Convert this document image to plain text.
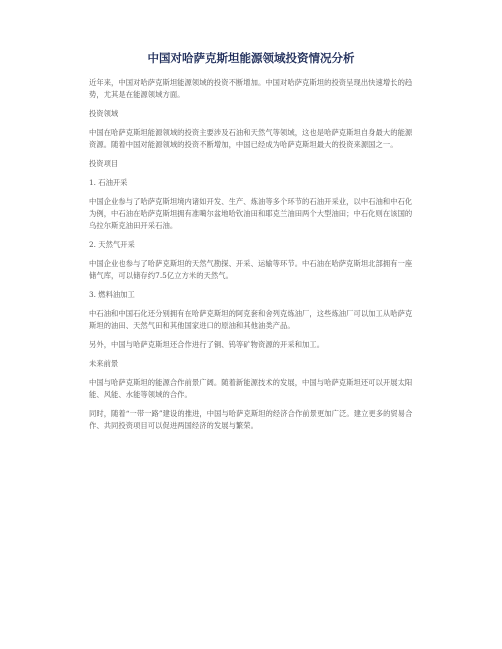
中国对哈萨克斯坦能源领域投资情况分析

近年来，中国对哈萨克斯坦能源领域的投资不断增加。中国对哈萨克斯坦的投资呈现出快速增长的趋势，尤其是在能源领域方面。

投资领域

中国在哈萨克斯坦能源领域的投资主要涉及石油和天然气等领域，这也是哈萨克斯坦自身最大的能源资源。随着中国对能源领域的投资不断增加，中国已经成为哈萨克斯坦最大的投资来源国之一。

投资项目

1. 石油开采

中国企业参与了哈萨克斯坦境内诸如开发、生产、炼油等多个环节的石油开采业，以中石油和中石化为例，中石油在哈萨克斯坦拥有准噶尔盆地哈钦油田和耶克兰油田两个大型油田；中石化则在该国的乌拉尔斯克油田开采石油。

2. 天然气开采

中国企业也参与了哈萨克斯坦的天然气勘探、开采、运输等环节。中石油在哈萨克斯坦北部拥有一座储气库，可以储存约7.5亿立方米的天然气。

3. 燃料油加工

中石油和中国石化还分别拥有在哈萨克斯坦的阿克套和舍列克炼油厂，这些炼油厂可以加工从哈萨克斯坦的油田、天然气田和其他国家进口的原油和其他油类产品。

另外，中国与哈萨克斯坦还合作进行了铜、钨等矿物资源的开采和加工。

未来前景

中国与哈萨克斯坦的能源合作前景广阔。随着新能源技术的发展，中国与哈萨克斯坦还可以开展太阳能、风能、水能等领域的合作。

同时，随着“一带一路”建设的推进，中国与哈萨克斯坦的经济合作前景更加广泛。建立更多的贸易合作、共同投资项目可以促进两国经济的发展与繁荣。
